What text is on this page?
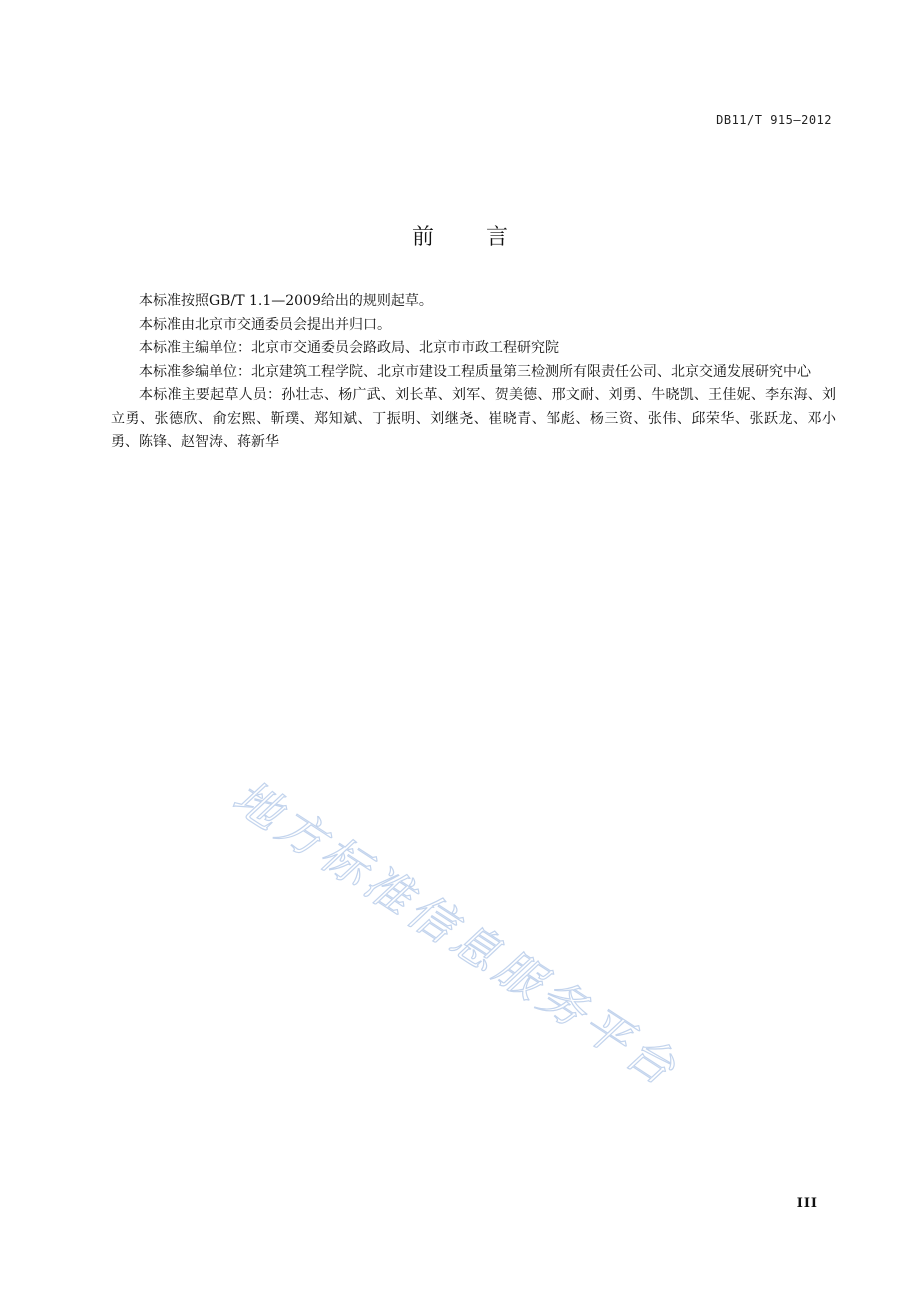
DB11/T 915—2012
前言

本标准按照GB/T 1.1—2009给出的规则起草。

本标准由北京市交通委员会提出并归口。

本标准主编单位：北京市交通委员会路政局、北京市市政工程研究院

本标准参编单位：北京建筑工程学院、北京市建设工程质量第三检测所有限责任公司、北京交通发展研究中心

本标准主要起草人员：孙壮志、杨广武、刘长革、刘军、贺美德、邢文耐、刘勇、牛晓凯、王佳妮、李东海、刘立勇、张德欣、俞宏熙、靳璞、郑知斌、丁振明、刘继尧、崔晓青、邹彪、杨三资、张伟、邱荣华、张跃龙、邓小勇、陈锋、赵智涛、蒋新华

地方标准信息服务平台
III
